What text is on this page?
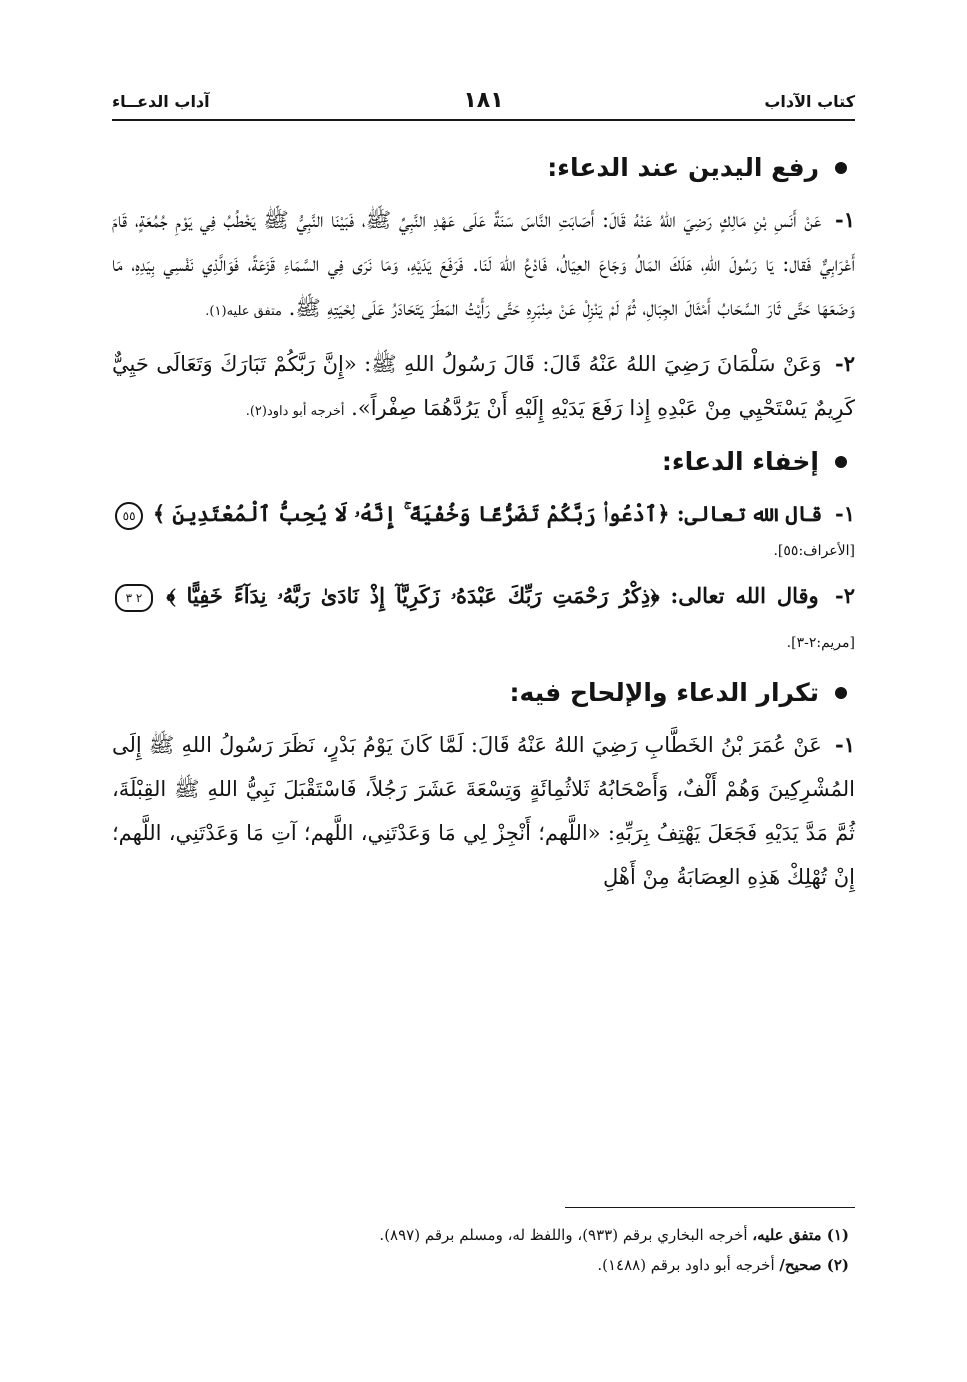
كتاب الآداب
١٨١
آداب الدعــاء
رفع اليدين عند الدعاء:

١- عَنْ أَنَسِ بْنِ مَالِكٍ رَضِيَ اللهُ عَنْهُ قَالَ: أَصَابَتِ النَّاسَ سَنَةٌ عَلَى عَهْدِ النَّبِيِّ ﷺ، فَبَيْنَا النَّبِيُّ ﷺ يَخْطُبُ فِي يَوْمِ جُمُعَةٍ، قَامَ أَعْرَابِيٌّ فَقال: يَا رَسُولَ اللهِ، هَلَكَ المَالُ وَجَاعَ العِيَالُ، فَادْعُ اللهَ لَنَا. فَرَفَعَ يَدَيْهِ، وَمَا نَرَى فِي السَّمَاءِ قَزَعَةً، فَوَالَّذِي نَفْسِي بِيَدِهِ، مَا وَضَعَهَا حَتَّى ثَارَ السَّحَابُ أَمْثَالَ الجِبَالِ، ثُمَّ لَمْ يَنْزِلْ عَنْ مِنْبَرِهِ حَتَّى رَأَيْتُ المَطَرَ يَتَحَادَرُ عَلَى لِحْيَتِهِ ﷺ. متفق عليه(١).

٢- وَعَنْ سَلْمَانَ رَضِيَ اللهُ عَنْهُ قَالَ: قَالَ رَسُولُ اللهِ ﷺ: «إِنَّ رَبَّكُمْ تَبَارَكَ وَتَعَالَى حَيِيٌّ كَرِيمٌ يَسْتَحْيِي مِنْ عَبْدِهِ إِذا رَفَعَ يَدَيْهِ إِلَيْهِ أَنْ يَرُدَّهُمَا صِفْراً». أخرجه أبو داود(٢).

إخفاء الدعاء:

١- قال الله تعالى: ﴿ٱدْعُوا۟ رَبَّكُمْ تَضَرُّعًا وَخُفْيَةً ۚ إِنَّهُۥ لَا يُحِبُّ ٱلْمُعْتَدِينَ ﴾ ٥٥
[الأعراف:٥٥].

٢- وقال الله تعالى: ﴿ذِكْرُ رَحْمَتِ رَبِّكَ عَبْدَهُۥ زَكَرِيَّآ إِذْ نَادَىٰ رَبَّهُۥ نِدَآءً خَفِيًّا ﴾ ٢ ٣ [مريم:٢-٣].

تكرار الدعاء والإلحاح فيه:

١- عَنْ عُمَرَ بْنُ الخَطَّابِ رَضِيَ اللهُ عَنْهُ قَالَ: لَمَّا كَانَ يَوْمُ بَدْرٍ، نَظَرَ رَسُولُ اللهِ ﷺ إِلَى المُشْرِكِينَ وَهُمْ أَلْفٌ، وَأَصْحَابُهُ ثَلاثُمِائَةٍ وَتِسْعَةَ عَشَرَ رَجُلاً، فَاسْتَقْبَلَ نَبِيُّ اللهِ ﷺ القِبْلَةَ، ثُمَّ مَدَّ يَدَيْهِ فَجَعَلَ يَهْتِفُ بِرَبِّهِ: «اللَّهم؛ أَنْجِزْ لِي مَا وَعَدْتَنِي، اللَّهم؛ آتِ مَا وَعَدْتَنِي، اللَّهم؛ إِنْ تُهْلِكْ هَذِهِ العِصَابَةُ مِنْ أَهْلِ

(١) متفق عليه، أخرجه البخاري برقم (٩٣٣)، واللفظ له، ومسلم برقم (٨٩٧).
(٢) صحيح/ أخرجه أبو داود برقم (١٤٨٨).
